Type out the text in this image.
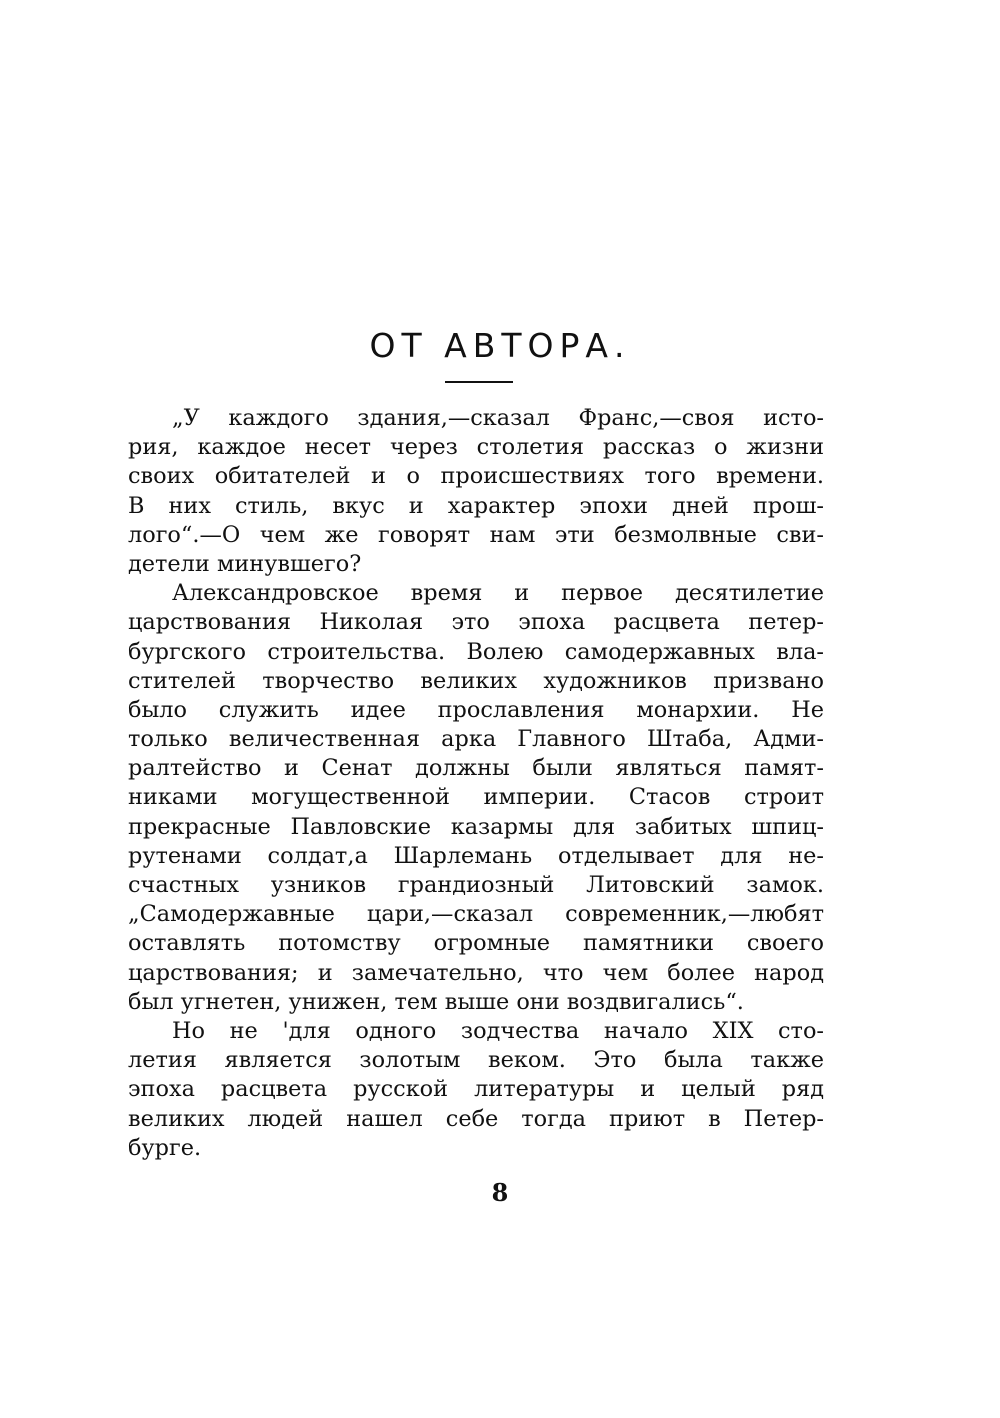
ОТ АВТОРА.
„У каждого здания,—сказал Франс,—своя исто-
рия, каждое несет через столетия рассказ о жизни
своих обитателей и о происшествиях того времени.
В них стиль, вкус и характер эпохи дней прош-
лого“.—О чем же говорят нам эти безмолвные сви-
детели минувшего?
Александровское время и первое десятилетие
царствования Николая это эпоха расцвета петер-
бургского строительства. Волею самодержавных вла-
стителей творчество великих художников призвано
было служить идее прославления монархии. Не
только величественная арка Главного Штаба, Адми-
ралтейство и Сенат должны были являться памят-
никами могущественной империи. Стасов строит
прекрасные Павловские казармы для забитых шпиц-
рутенами солдат,а Шарлемань отделывает для не-
счастных узников грандиозный Литовский замок.
„Самодержавные цари,—сказал современник,—любят
оставлять потомству огромные памятники своего
царствования; и замечательно, что чем более народ
был угнетен, унижен, тем выше они воздвигались“.
Но не 'для одного зодчества начало XIX сто-
летия является золотым веком. Это была также
эпоха расцвета русской литературы и целый ряд
великих людей нашел себе тогда приют в Петер-
бурге.

8
